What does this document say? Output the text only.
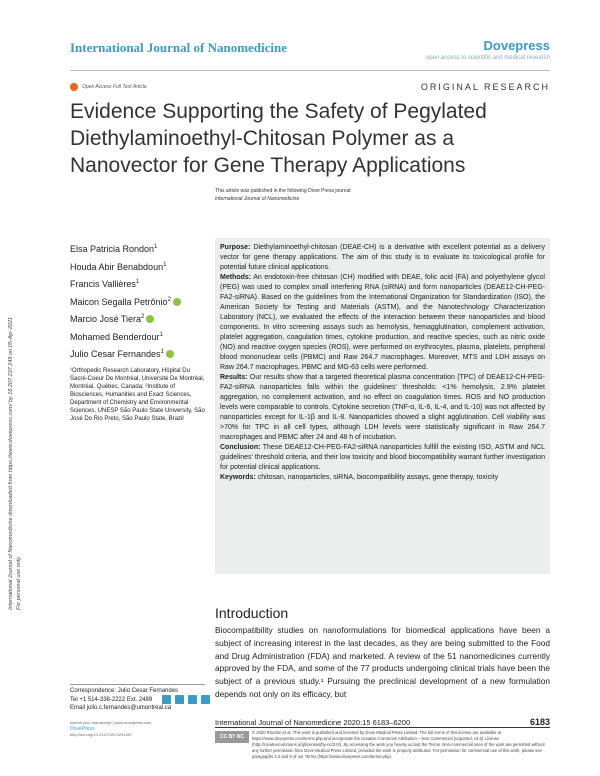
International Journal of Nanomedicine	Dovepress
open access to scientific and medical research
Open Access Full Text Article	ORIGINAL RESEARCH
Evidence Supporting the Safety of Pegylated Diethylaminoethyl-Chitosan Polymer as a Nanovector for Gene Therapy Applications
This article was published in the following Dove Press journal:
International Journal of Nanomedicine
International Journal of Nanomedicine downloaded from https://www.dovepress.com/ by 18.207.237.249 on 05-Apr-2021 For personal use only.
Elsa Patricia Rondon$^1$
Houda Abir Benabdoun$^1$
Francis Vallières$^1$
Maicon Segalla Petrônio$^2$
Marcio José Tiera$^2$
Mohamed Benderdour$^1$
Julio Cesar Fernandes$^1$
¹Orthopedic Research Laboratory, Hôpital Du Sacré-Coeur De Montréal, Université De Montréal, Montréal, Québec, Canada; ²Institute of Biosciences, Humanities and Exact Sciences, Department of Chemistry and Environmental Sciences, UNESP São Paulo State University, São José Do Rio Preto, São Paulo State, Brazil

Purpose: Diethylaminoethyl-chitosan (DEAE-CH) is a derivative with excellent potential as a delivery vector for gene therapy applications. The aim of this study is to evaluate its toxicological profile for potential future clinical applications.

Methods: An endotoxin-free chitosan (CH) modified with DEAE, folic acid (FA) and polyethylene glycol (PEG) was used to complex small interfering RNA (siRNA) and form nanoparticles (DEAE12-CH-PEG-FA2-siRNA). Based on the guidelines from the International Organization for Standardization (ISO), the American Society for Testing and Materials (ASTM), and the Nanotechnology Characterization Laboratory (NCL), we evaluated the effects of the interaction between these nanoparticles and blood components. In vitro screening assays such as hemolysis, hemagglutination, complement activation, platelet aggregation, coagulation times, cytokine production, and reactive species, such as nitric oxide (NO) and reactive oxygen species (ROS), were performed on erythrocytes, plasma, platelets, peripheral blood mononuclear cells (PBMC) and Raw 264.7 macrophages. Moreover, MTS and LDH assays on Raw 264.7 macrophages, PBMC and MG-63 cells were performed.

Results: Our results show that a targeted theoretical plasma concentration (TPC) of DEAE12-CH-PEG-FA2-siRNA nanoparticles falls within the guidelines' thresholds: <1% hemolysis, 2.9% platelet aggregation, no complement activation, and no effect on coagulation times. ROS and NO production levels were comparable to controls. Cytokine secretion (TNF-α, IL-6, IL-4, and IL-10) was not affected by nanoparticles except for IL-1β and IL-8. Nanoparticles showed a slight agglutination. Cell viability was >70% for TPC in all cell types, although LDH levels were statistically significant in Raw 264.7 macrophages and PBMC after 24 and 48 h of incubation.

Conclusion: These DEAE12-CH-PEG-FA2-siRNA nanoparticles fulfill the existing ISO, ASTM and NCL guidelines' threshold criteria, and their low toxicity and blood biocompatibility warrant further investigation for potential clinical applications.

Keywords: chitosan, nanoparticles, siRNA, biocompatibility assays, gene therapy, toxicity

Introduction
Biocompatibility studies on nanoformulations for biomedical applications have been a subject of increasing interest in the last decades, as they are being submitted to the Food and Drug Administration (FDA) and marketed. A review of the 51 nanomedicines currently approved by the FDA, and some of the 77 products undergoing clinical trials have been the subject of a previous study.¹ Pursuing the preclinical development of a new formulation depends not only on its efficacy, but
Correspondence: Julio Cesar Fernandes
Tel +1 514-338-2222 Ext. 2489
Email julio.c.fernandes@umontreal.ca
submit your manuscript | www.dovepress.com
DovePress
http://doi.org/10.2147/IJN.S291397
International Journal of Nanomedicine 2020:15 6183–6200	6183
CC BY NC
© 2020 Rondon et al. This work is published and licensed by Dove Medical Press Limited. The full terms of this license are available at https://www.dovepress.com/terms.php and incorporate the Creative Commons Attribution – Non Commercial (unported, v3.0) License (http://creativecommons.org/licenses/by-nc/3.0/). By accessing the work you hereby accept the Terms. Non-commercial uses of the work are permitted without any further permission from Dove Medical Press Limited, provided the work is properly attributed. For permission for commercial use of this work, please see paragraphs 4.2 and 5 of our Terms (https://www.dovepress.com/terms.php).
